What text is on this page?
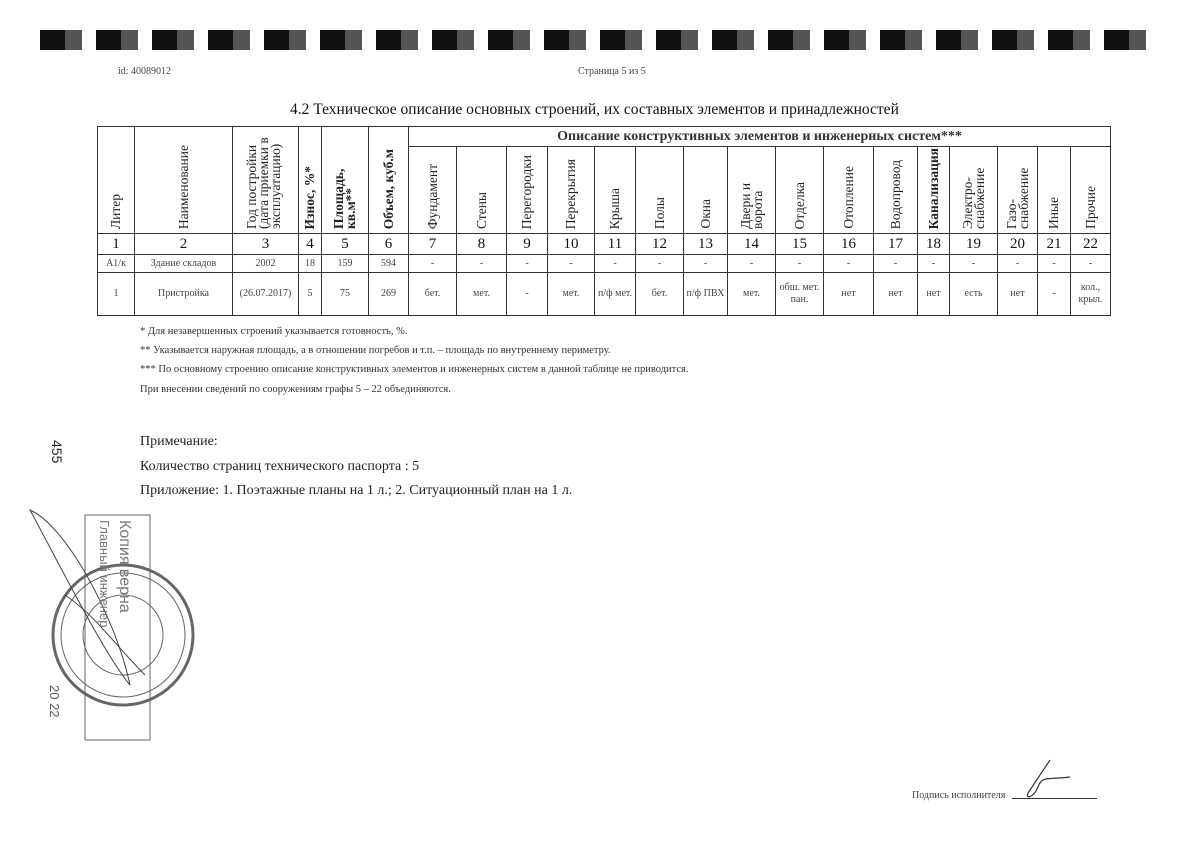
id: 40089012	Страница 5 из 5
4.2 Техническое описание основных строений, их составных элементов и принадлежностей
Литер	Наименование	Год постройки (дата приемки в эксплуатацию)	Износ, %*	Площадь, кв.м**	Объем, куб.м	Описание конструктивных элементов и инженерных систем***															

						Фундамент	Стены	Перегородки	Перекрытия	Крыша	Полы	Окна	Двери и ворота	Отделка	Отопление	Водопровод	Канализация	Электро-снабжение	Газо-снабжение	Иные	Прочие

1	2	3	4	5	6	7	8	9	10	11	12	13	14	15	16	17	18	19	20	21	22
А1/к	Здание складов	2002	18	159	594	-	-	-	-	-	-	-	-	-	-	-	-	-	-	-	-
1	Пристройка	(26.07.2017)	5	75	269	бет.	мет.	-	мет.	п/ф мет.	бет.	п/ф ПВХ	мет.	обш. мет. пан.	нет	нет	нет	есть	нет	-	кол., крыл.
* Для незавершенных строений указывается готовность, %.
** Указывается наружная площадь, а в отношении погребов и т.п. – площадь по внутреннему периметру.
*** По основному строению описание конструктивных элементов и инженерных систем в данной таблице не приводится.
При внесении сведений по сооружениям графы 5 – 22 объединяются.
Примечание:
Количество страниц технического паспорта : 5
Приложение: 1. Поэтажные планы на 1 л.; 2. Ситуационный план на 1 л.
455
Копия верна
Главный инженер
20 22
Подпись исполнителя
